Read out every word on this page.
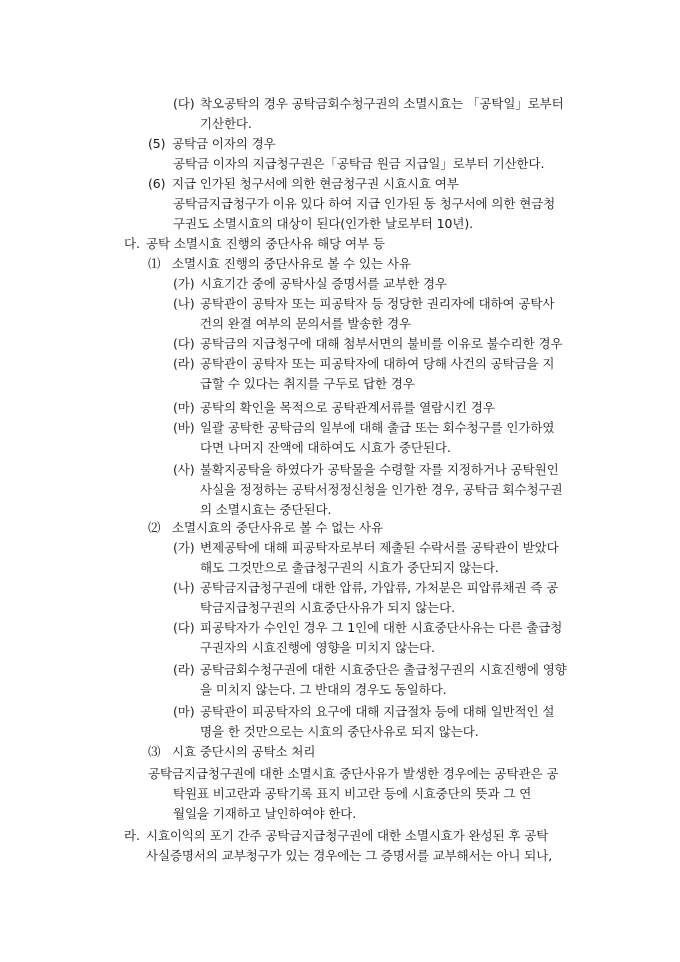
(다) 착오공탁의 경우 공탁금회수청구권의 소멸시효는 「공탁일」로부터
기산한다.
(5) 공탁금 이자의 경우
공탁금 이자의 지급청구권은「공탁금 원금 지급일」로부터 기산한다.
(6) 지급 인가된 청구서에 의한 현금청구권 시효시효 여부
공탁금지급청구가 이유 있다 하여 지급 인가된 동 청구서에 의한 현금청
구권도 소멸시효의 대상이 된다(인가한 날로부터 10년).
다. 공탁 소멸시효 진행의 중단사유 해당 여부 등
⑴ 소멸시효 진행의 중단사유로 볼 수 있는 사유
(가) 시효기간 중에 공탁사실 증명서를 교부한 경우
(나) 공탁관이 공탁자 또는 피공탁자 등 정당한 권리자에 대하여 공탁사
건의 완결 여부의 문의서를 발송한 경우
(다) 공탁금의 지급청구에 대해 첨부서면의 불비를 이유로 불수리한 경우
(라) 공탁관이 공탁자 또는 피공탁자에 대하여 당해 사건의 공탁금을 지
급할 수 있다는 취지를 구두로 답한 경우
(마) 공탁의 확인을 목적으로 공탁관계서류를 열람시킨 경우
(바) 일괄 공탁한 공탁금의 일부에 대해 출급 또는 회수청구를 인가하였
다면 나머지 잔액에 대하여도 시효가 중단된다.
(사) 불확지공탁을 하였다가 공탁물을 수령할 자를 지정하거나 공탁원인
사실을 정정하는 공탁서정정신청을 인가한 경우, 공탁금 회수청구권
의 소멸시효는 중단된다.
⑵ 소멸시효의 중단사유로 볼 수 없는 사유
(가) 변제공탁에 대해 피공탁자로부터 제출된 수락서를 공탁관이 받았다
해도 그것만으로 출급청구권의 시효가 중단되지 않는다.
(나) 공탁금지급청구권에 대한 압류, 가압류, 가처분은 피압류채권 즉 공
탁금지급청구권의 시효중단사유가 되지 않는다.
(다) 피공탁자가 수인인 경우 그 1인에 대한 시효중단사유는 다른 출급청
구권자의 시효진행에 영향을 미치지 않는다.
(라) 공탁금회수청구권에 대한 시효중단은 출급청구권의 시효진행에 영향
을 미치지 않는다. 그 반대의 경우도 동일하다.
(마) 공탁관이 피공탁자의 요구에 대해 지급절차 등에 대해 일반적인 설
명을 한 것만으로는 시효의 중단사유로 되지 않는다.
⑶ 시효 중단시의 공탁소 처리
공탁금지급청구권에 대한 소멸시효 중단사유가 발생한 경우에는 공탁관은 공
탁원표 비고란과 공탁기록 표지 비고란 등에 시효중단의 뜻과 그 연
월일을 기재하고 날인하여야 한다.
라. 시효이익의 포기 간주 공탁금지급청구권에 대한 소멸시효가 완성된 후 공탁
사실증명서의 교부청구가 있는 경우에는 그 증명서를 교부해서는 아니 되나,
